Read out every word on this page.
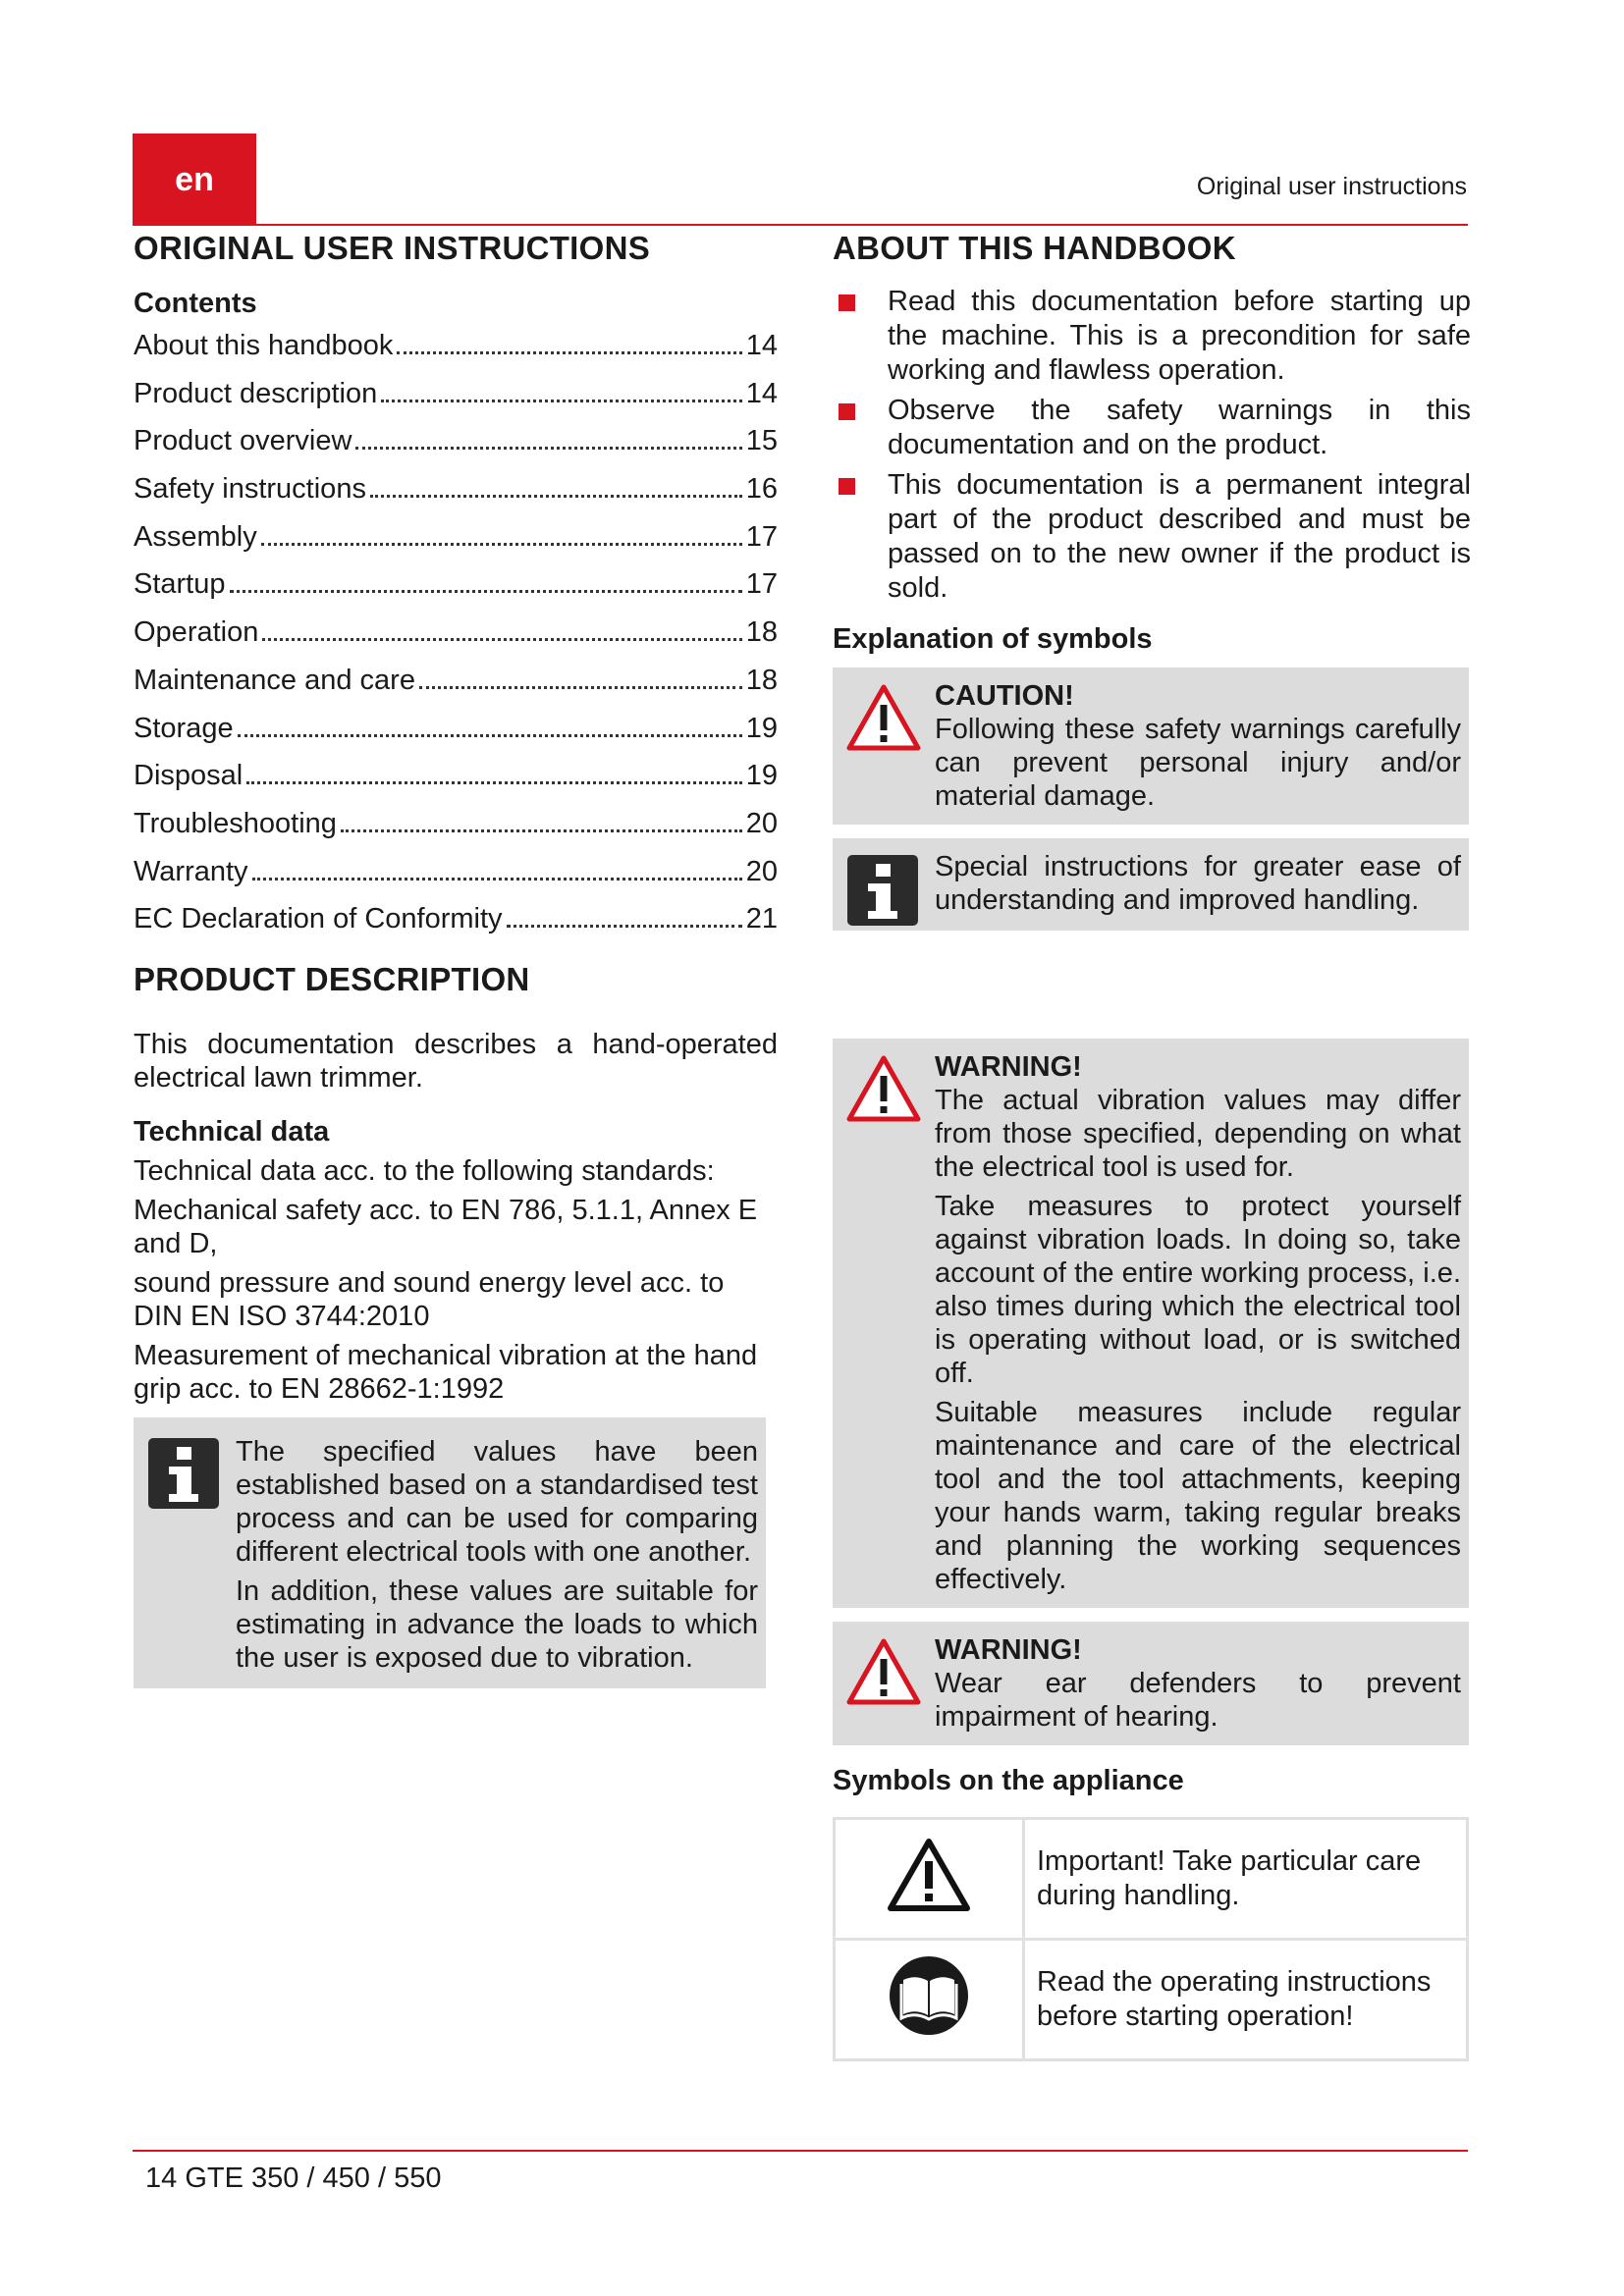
en	Original user instructions
ORIGINAL USER INSTRUCTIONS
Contents
About this handbook	14
Product description	14
Product overview	15
Safety instructions	16
Assembly	17
Startup	17
Operation	18
Maintenance and care	18
Storage	19
Disposal	19
Troubleshooting	20
Warranty	20
EC Declaration of Conformity	21
PRODUCT DESCRIPTION

This documentation describes a hand-operated electrical lawn trimmer.

Technical data

Technical data acc. to the following standards:

Mechanical safety acc. to EN 786, 5.1.1, Annex E and D,

sound pressure and sound energy level acc. to DIN EN ISO 3744:2010

Measurement of mechanical vibration at the hand grip acc. to EN 28662-1:1992

The specified values have been established based on a standardised test process and can be used for comparing different electrical tools with one another.

In addition, these values are suitable for estimating in advance the loads to which the user is exposed due to vibration.

ABOUT THIS HANDBOOK
Read this documentation before starting up the machine. This is a precondition for safe working and flawless operation.
Observe the safety warnings in this documentation and on the product.
This documentation is a permanent integral part of the product described and must be passed on to the new owner if the product is sold.
Explanation of symbols

CAUTION!

Following these safety warnings carefully can prevent personal injury and/or material damage.

Special instructions for greater ease of understanding and improved handling.

WARNING!

The actual vibration values may differ from those specified, depending on what the electrical tool is used for.

Take measures to protect yourself against vibration loads. In doing so, take account of the entire working process, i.e. also times during which the electrical tool is operating without load, or is switched off.

Suitable measures include regular maintenance and care of the electrical tool and the tool attachments, keeping your hands warm, taking regular breaks and planning the working sequences effectively.

WARNING!

Wear ear defenders to prevent impairment of hearing.

Symbols on the appliance
	Important! Take particular care during handling.
	Read the operating instructions before starting operation!
14 GTE 350 / 450 / 550
